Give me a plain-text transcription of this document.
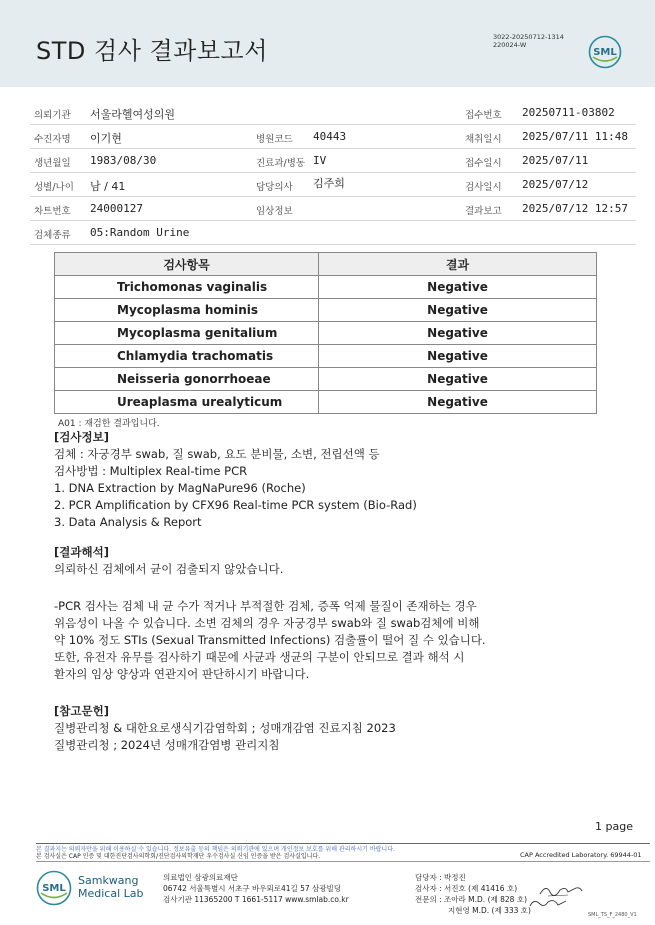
STD 검사 결과보고서	3022-20250712-1314
220024-W
SML
의뢰기관 서울라헬여성의원	접수번호 20250711-03802
수진자명 이기현	병원코드 40443	채취일시 2025/07/11 11:48
생년월일 1983/08/30	진료과/병동 IV	접수일시 2025/07/11
성별/나이 남 / 41	담당의사 김주희	검사일시 2025/07/12
차트번호 24000127	임상정보	결과보고 2025/07/12 12:57
검체종류 05:Random Urine
검사항목	결과
Trichomonas vaginalis	Negative
Mycoplasma hominis	Negative
Mycoplasma genitalium	Negative
Chlamydia trachomatis	Negative
Neisseria gonorrhoeae	Negative
Ureaplasma urealyticum	Negative
A01 : 재검한 결과입니다.
[검사정보]
검체 : 자궁경부 swab, 질 swab, 요도 분비물, 소변, 전립선액 등
검사방법 : Multiplex Real-time PCR
1. DNA Extraction by MagNaPure96 (Roche)
2. PCR Amplification by CFX96 Real-time PCR system (Bio-Rad)
3. Data Analysis & Report
[결과해석]
의뢰하신 검체에서 균이 검출되지 않았습니다.
-PCR 검사는 검체 내 균 수가 적거나 부적절한 검체, 증폭 억제 물질이 존재하는 경우
위음성이 나올 수 있습니다. 소변 검체의 경우 자궁경부 swab와 질 swab검체에 비해
약 10% 정도 STIs (Sexual Transmitted Infections) 검출률이 떨어 질 수 있습니다.
또한, 유전자 유무를 검사하기 때문에 사균과 생균의 구분이 안되므로 결과 해석 시
환자의 임상 양상과 연관지어 판단하시기 바랍니다.
[참고문헌]
질병관리청 & 대한요로생식기감염학회 ; 성매개감염 진료지침 2023
질병관리청 ; 2024년 성매개감염병 관리지침
1 page
본 결과지는 의뢰자만을 위해 이용하실 수 있습니다. 정보유출 등의 책임은 의뢰기관에 있으며 개인정보 보호를 위해 관리하시기 바랍니다.
본 검사실은 CAP 인증 및 대한진단검사의학회/진단검사의학재단 우수검사실 신임 인증을 받은 검사실입니다.	CAP Accredited Laboratory. 69944-01
SML
Samkwang
Medical Lab
의료법인 삼광의료재단
06742 서울특별시 서초구 바우뫼로41길 57 삼광빌딩
검사기관 11365200 T 1661-5117 www.smlab.co.kr
담당자 : 박정진
검사자 : 서진호 (제 41416 호)
전문의 : 조아라 M.D. (제 828 호)
지현영 M.D. (제 333 호)	SML_TS_F_2480_V1
